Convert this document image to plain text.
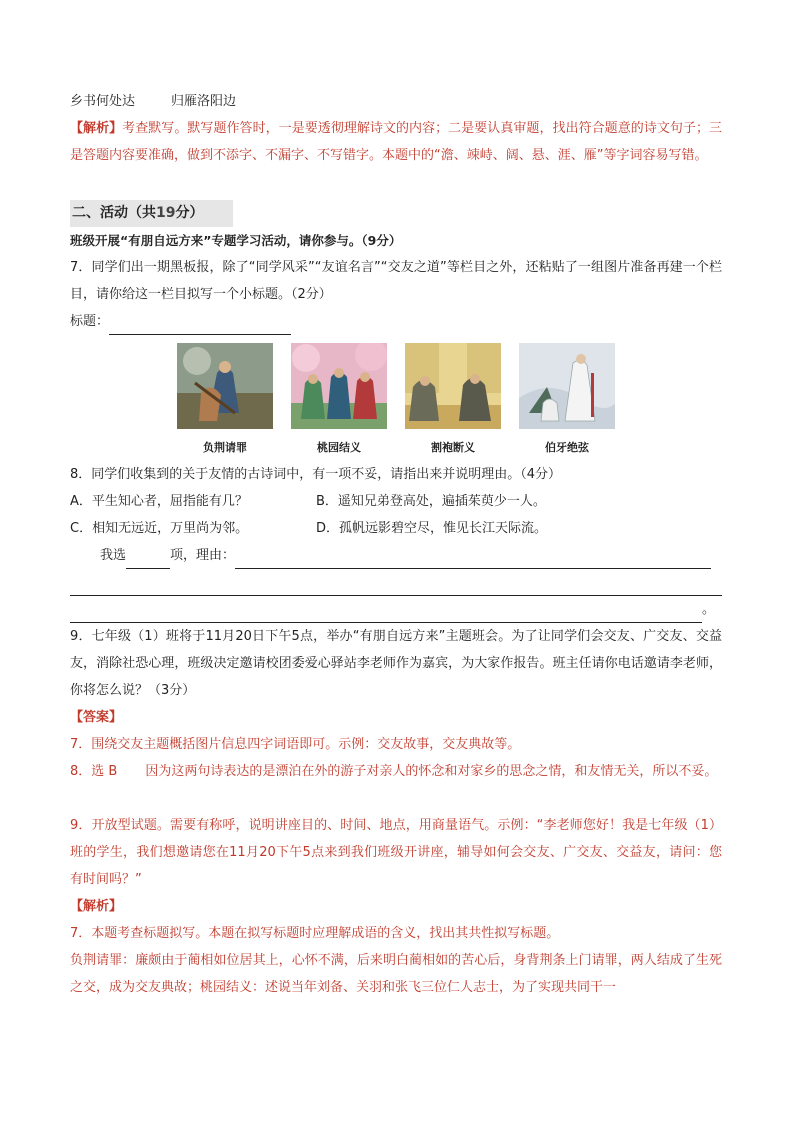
乡书何处达	归雁洛阳边
【解析】考查默写。默写题作答时，一是要透彻理解诗文的内容；二是要认真审题，找出符合题意的诗文句子；三是答题内容要准确，做到不添字、不漏字、不写错字。本题中的“澹、竦峙、阔、悬、涯、雁”等字词容易写错。
二、活动（共19分）
班级开展“有朋自远方来”专题学习活动，请你参与。（9分）
7．同学们出一期黑板报，除了“同学风采”“友谊名言”“交友之道”等栏目之外，还粘贴了一组图片准备再建一个栏目，请你给这一栏目拟写一个小标题。（2分）
标题：
负荆请罪	桃园结义	割袍断义	伯牙绝弦
8．同学们收集到的关于友情的古诗词中，有一项不妥，请指出来并说明理由。（4分）
A．平生知心者，屈指能有几？	B．遥知兄弟登高处，遍插茱萸少一人。
C．相知无远近，万里尚为邻。	D．孤帆远影碧空尽，惟见长江天际流。
我选	项，理由：
。
9．七年级（1）班将于11月20日下午5点，举办“有朋自远方来”主题班会。为了让同学们会交友、广交友、交益友，消除社恐心理，班级决定邀请校团委爱心驿站李老师作为嘉宾，为大家作报告。班主任请你电话邀请李老师，你将怎么说？（3分）
【答案】
7．围绕交友主题概括图片信息四字词语即可。示例：交友故事，交友典故等。
8．选 B 因为这两句诗表达的是漂泊在外的游子对亲人的怀念和对家乡的思念之情，和友情无关，所以不妥。
9．开放型试题。需要有称呼，说明讲座目的、时间、地点，用商量语气。示例：“李老师您好！我是七年级（1）班的学生，我们想邀请您在11月20下午5点来到我们班级开讲座，辅导如何会交友、广交友、交益友，请问：您有时间吗？”
【解析】
7．本题考查标题拟写。本题在拟写标题时应理解成语的含义，找出其共性拟写标题。
负荆请罪：廉颇由于蔺相如位居其上，心怀不满，后来明白蔺相如的苦心后，身背荆条上门请罪，两人结成了生死之交，成为交友典故；桃园结义：述说当年刘备、关羽和张飞三位仁人志士，为了实现共同干一
